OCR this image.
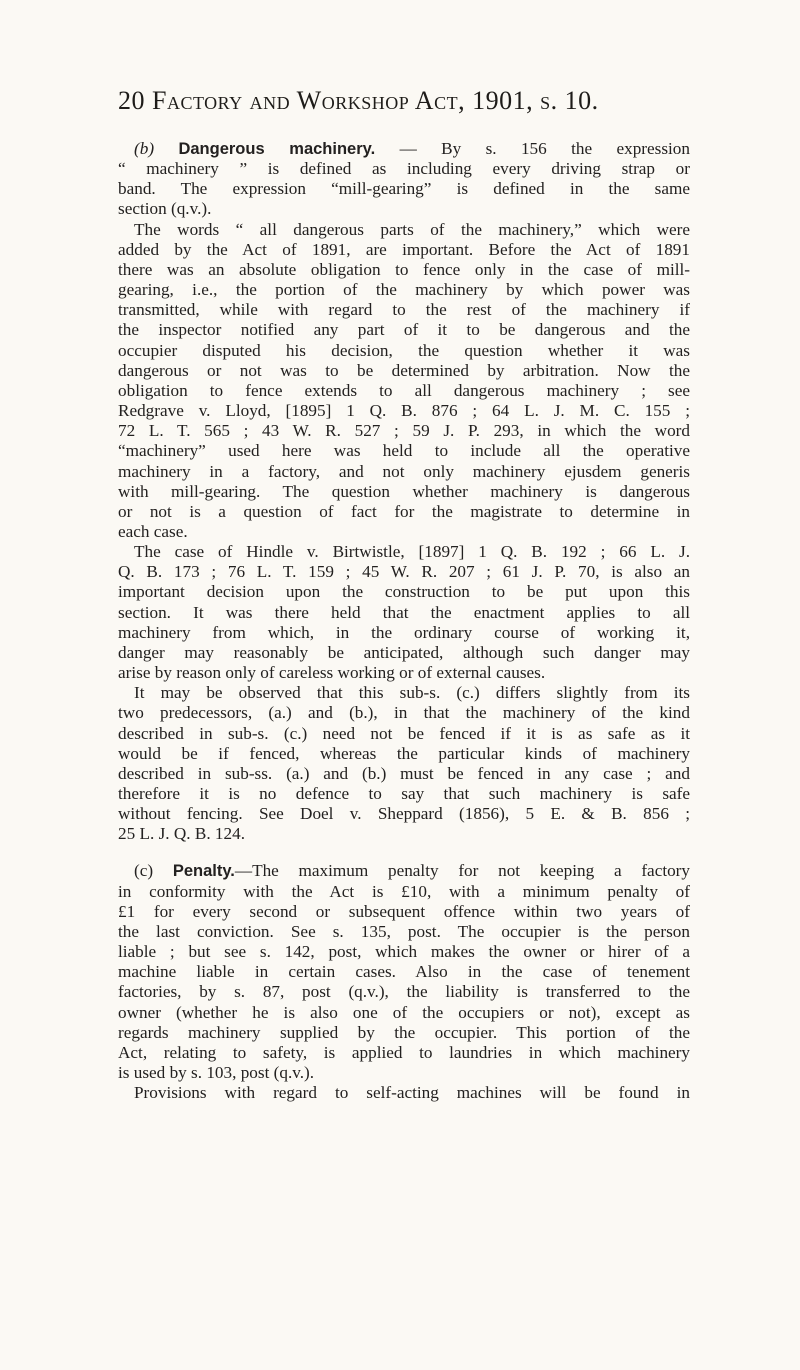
20 Factory and Workshop Act, 1901, s. 10.
(b) Dangerous machinery. — By s. 156 the expression
“ machinery ” is defined as including every driving strap or
band. The expression “mill-gearing” is defined in the same
section (q.v.).
The words “ all dangerous parts of the machinery,” which were
added by the Act of 1891, are important. Before the Act of 1891
there was an absolute obligation to fence only in the case of mill-
gearing, i.e., the portion of the machinery by which power was
transmitted, while with regard to the rest of the machinery if
the inspector notified any part of it to be dangerous and the
occupier disputed his decision, the question whether it was
dangerous or not was to be determined by arbitration. Now the
obligation to fence extends to all dangerous machinery ; see
Redgrave v. Lloyd, [1895] 1 Q. B. 876 ; 64 L. J. M. C. 155 ;
72 L. T. 565 ; 43 W. R. 527 ; 59 J. P. 293, in which the word
“machinery” used here was held to include all the operative
machinery in a factory, and not only machinery ejusdem generis
with mill-gearing. The question whether machinery is dangerous
or not is a question of fact for the magistrate to determine in
each case.
The case of Hindle v. Birtwistle, [1897] 1 Q. B. 192 ; 66 L. J.
Q. B. 173 ; 76 L. T. 159 ; 45 W. R. 207 ; 61 J. P. 70, is also an
important decision upon the construction to be put upon this
section. It was there held that the enactment applies to all
machinery from which, in the ordinary course of working it,
danger may reasonably be anticipated, although such danger may
arise by reason only of careless working or of external causes.
It may be observed that this sub-s. (c.) differs slightly from its
two predecessors, (a.) and (b.), in that the machinery of the kind
described in sub-s. (c.) need not be fenced if it is as safe as it
would be if fenced, whereas the particular kinds of machinery
described in sub-ss. (a.) and (b.) must be fenced in any case ; and
therefore it is no defence to say that such machinery is safe
without fencing. See Doel v. Sheppard (1856), 5 E. & B. 856 ;
25 L. J. Q. B. 124.
(c) Penalty.—The maximum penalty for not keeping a factory
in conformity with the Act is £10, with a minimum penalty of
£1 for every second or subsequent offence within two years of
the last conviction. See s. 135, post. The occupier is the person
liable ; but see s. 142, post, which makes the owner or hirer of a
machine liable in certain cases. Also in the case of tenement
factories, by s. 87, post (q.v.), the liability is transferred to the
owner (whether he is also one of the occupiers or not), except as
regards machinery supplied by the occupier. This portion of the
Act, relating to safety, is applied to laundries in which machinery
is used by s. 103, post (q.v.).
Provisions with regard to self-acting machines will be found in
